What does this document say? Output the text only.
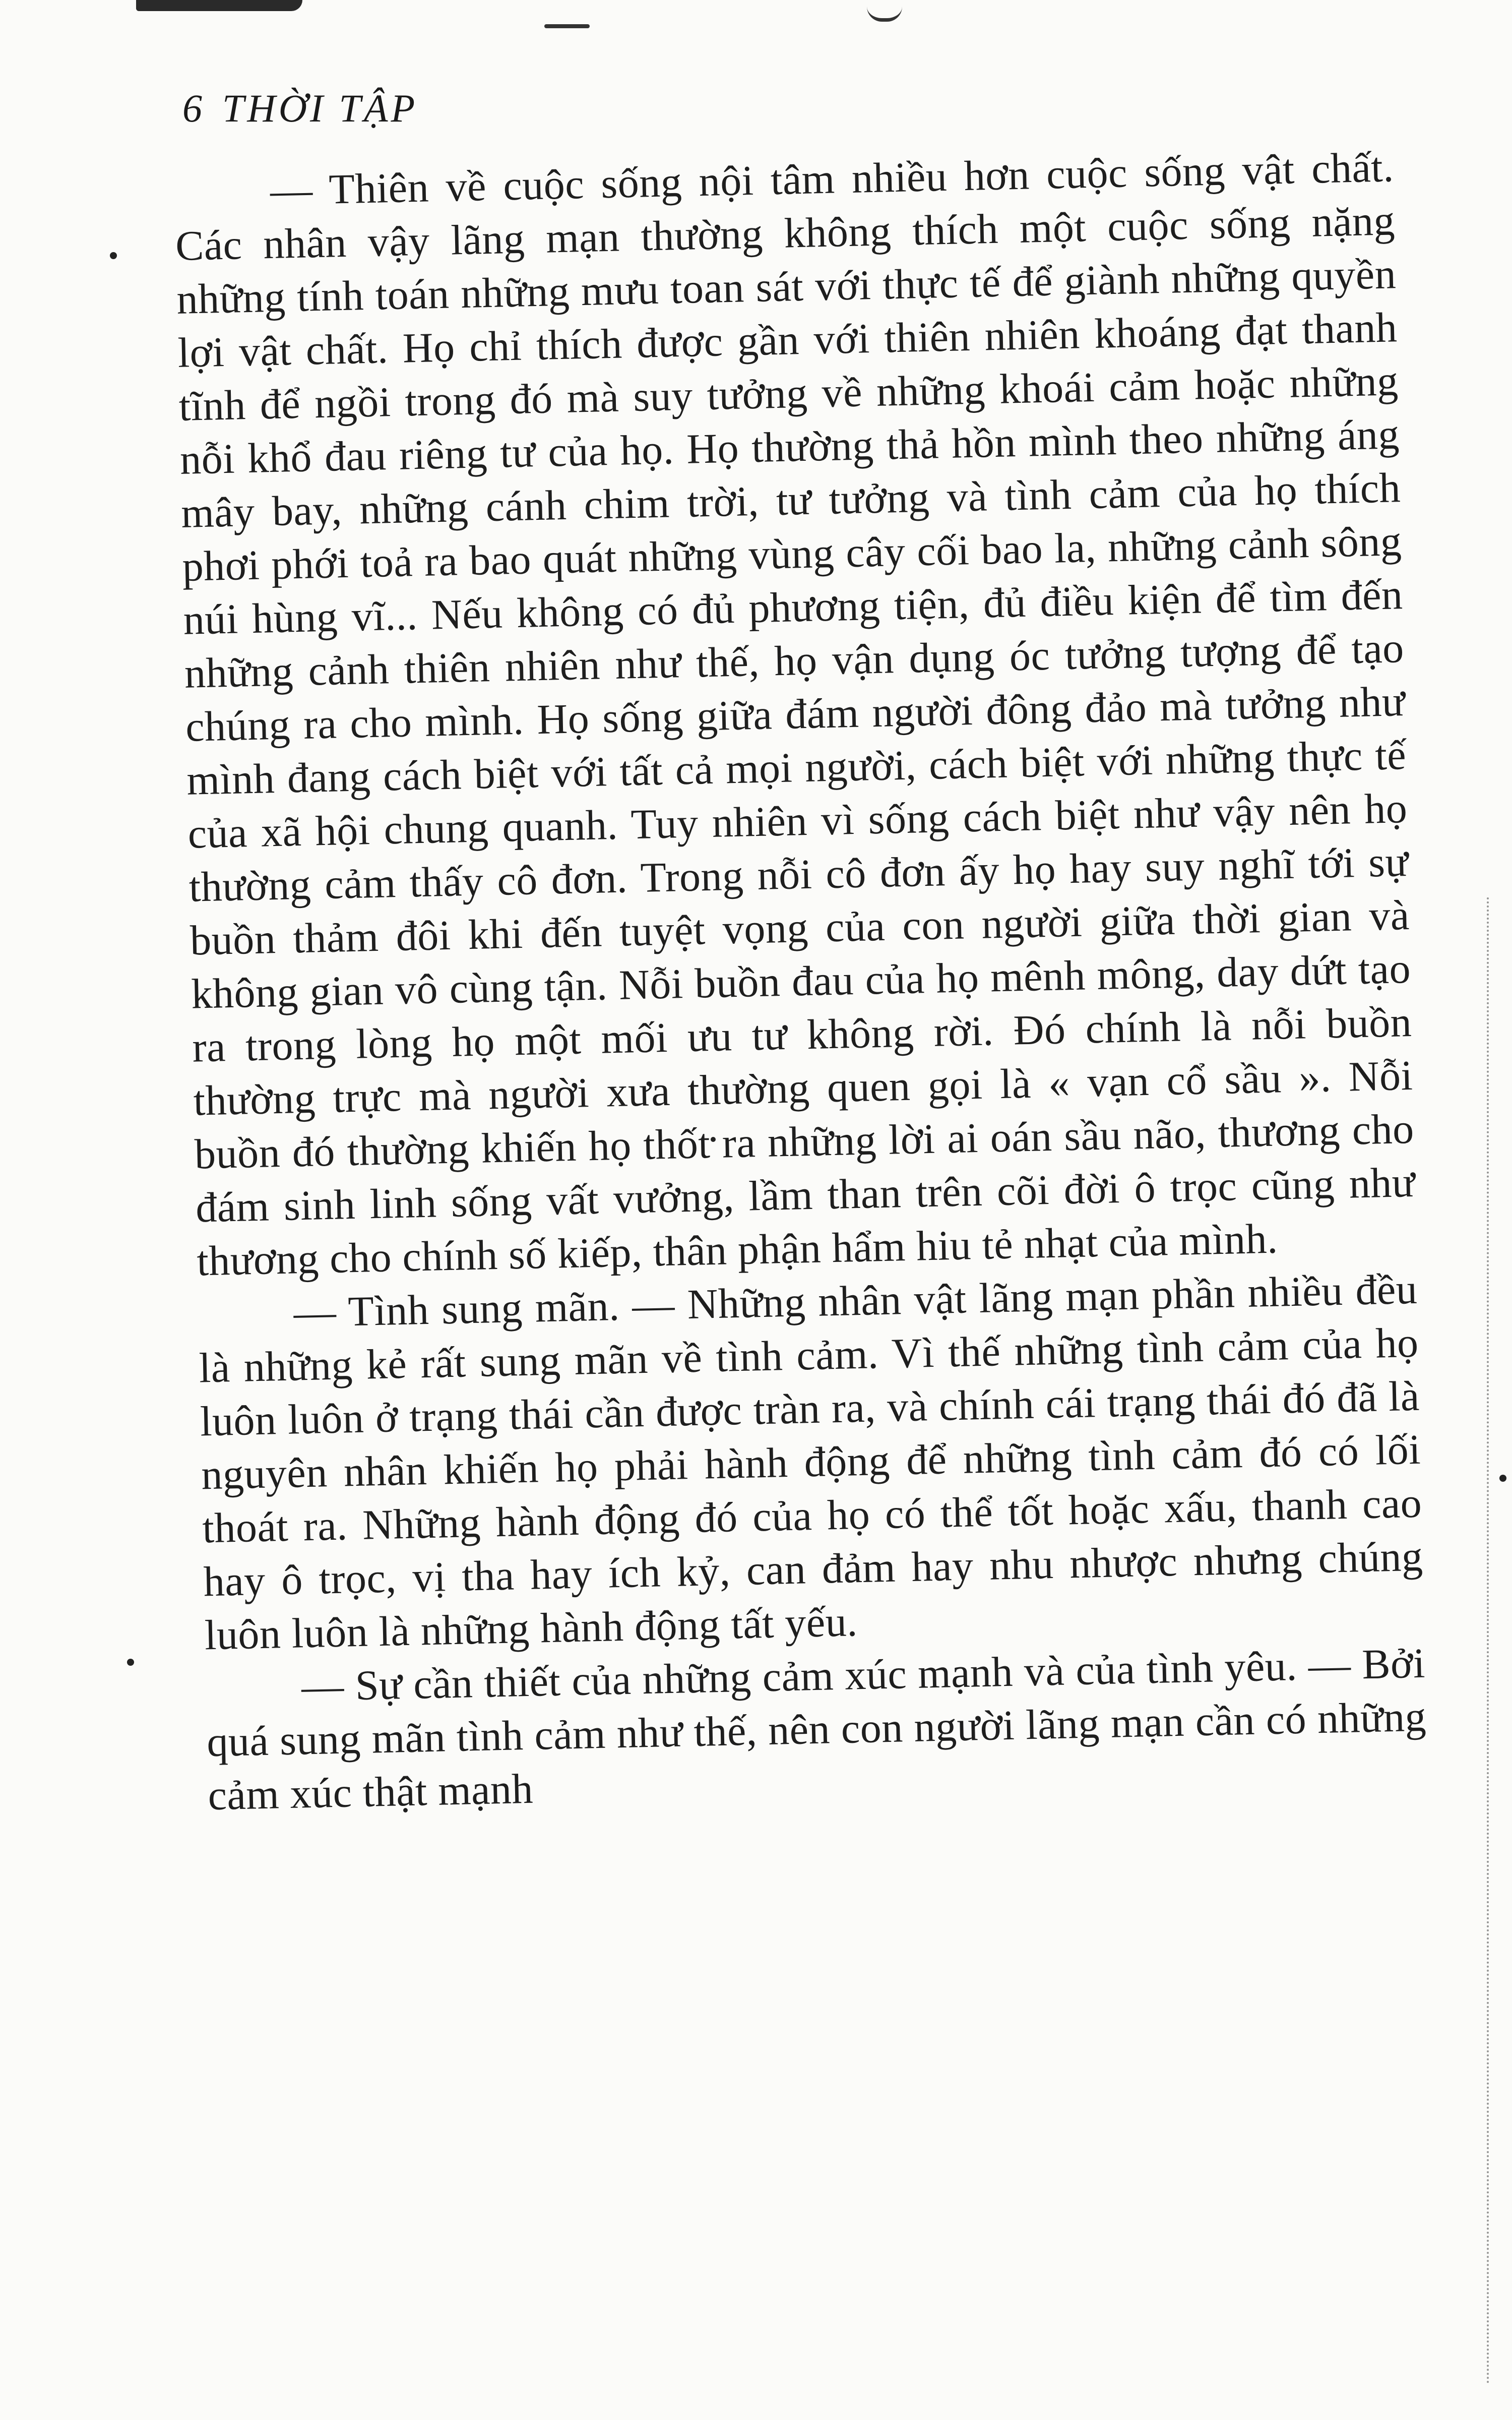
6 THỜI TẬP

— Thiên về cuộc sống nội tâm nhiều hơn cuộc sống vật chất. Các nhân vậy lãng mạn thường không thích một cuộc sống nặng những tính toán những mưu toan sát với thực tế để giành những quyền lợi vật chất. Họ chỉ thích được gần với thiên nhiên khoáng đạt thanh tĩnh để ngồi trong đó mà suy tưởng về những khoái cảm hoặc những nỗi khổ đau riêng tư của họ. Họ thường thả hồn mình theo những áng mây bay, những cánh chim trời, tư tưởng và tình cảm của họ thích phơi phới toả ra bao quát những vùng cây cối bao la, những cảnh sông núi hùng vĩ... Nếu không có đủ phương tiện, đủ điều kiện để tìm đến những cảnh thiên nhiên như thế, họ vận dụng óc tưởng tượng để tạo chúng ra cho mình. Họ sống giữa đám người đông đảo mà tưởng như mình đang cách biệt với tất cả mọi người, cách biệt với những thực tế của xã hội chung quanh. Tuy nhiên vì sống cách biệt như vậy nên họ thường cảm thấy cô đơn. Trong nỗi cô đơn ấy họ hay suy nghĩ tới sự buồn thảm đôi khi đến tuyệt vọng của con người giữa thời gian và không gian vô cùng tận. Nỗi buồn đau của họ mênh mông, day dứt tạo ra trong lòng họ một mối ưu tư không rời. Đó chính là nỗi buồn thường trực mà người xưa thường quen gọi là « vạn cổ sầu ». Nỗi buồn đó thường khiến họ thốt ra những lời ai oán sầu não, thương cho đám sinh linh sống vất vưởng, lầm than trên cõi đời ô trọc cũng như thương cho chính số kiếp, thân phận hẩm hiu tẻ nhạt của mình.

— Tình sung mãn. — Những nhân vật lãng mạn phần nhiều đều là những kẻ rất sung mãn về tình cảm. Vì thế những tình cảm của họ luôn luôn ở trạng thái cần được tràn ra, và chính cái trạng thái đó đã là nguyên nhân khiến họ phải hành động để những tình cảm đó có lối thoát ra. Những hành động đó của họ có thể tốt hoặc xấu, thanh cao hay ô trọc, vị tha hay ích kỷ, can đảm hay nhu nhược nhưng chúng luôn luôn là những hành động tất yếu.

— Sự cần thiết của những cảm xúc mạnh và của tình yêu. — Bởi quá sung mãn tình cảm như thế, nên con người lãng mạn cần có những cảm xúc thật mạnh
